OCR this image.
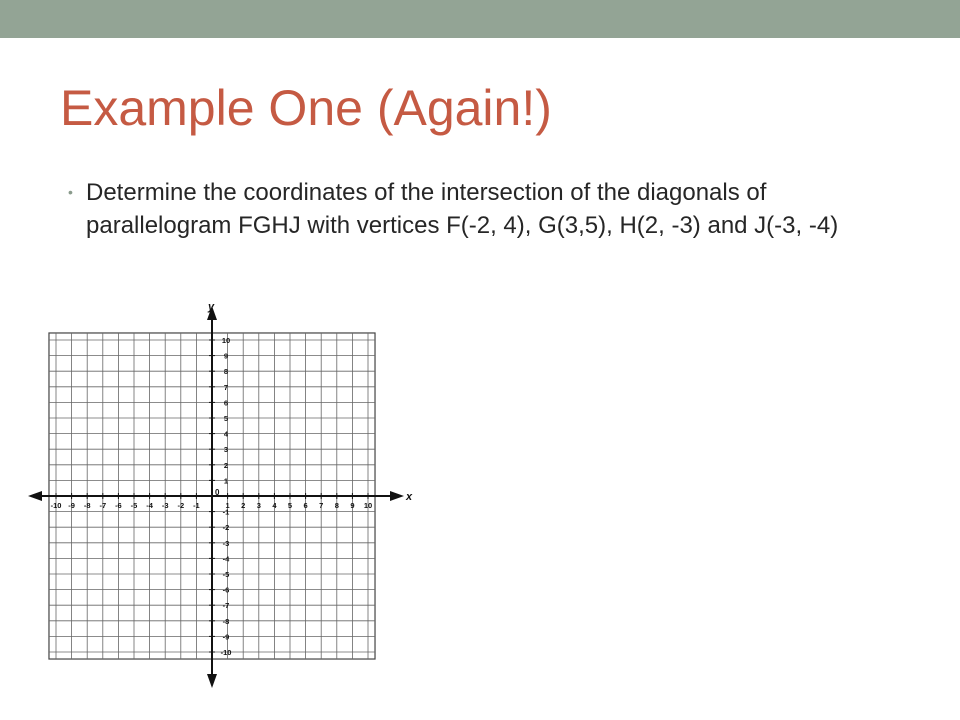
Example One (Again!)
• Determine the coordinates of the intersection of the diagonals of parallelogram FGHJ with vertices F(-2, 4), G(3,5), H(2, -3) and J(-3, -4)
-10 -9 -8 -7 -6 -5 -4 -3 -2 -1	1 2 3 4 5 6 7 8 9 10
10
9
8
7
6
5
4
3
2
1
-1
-2
-3
-4
-5
-6
-7
-8
-9
-10
x
y
0
